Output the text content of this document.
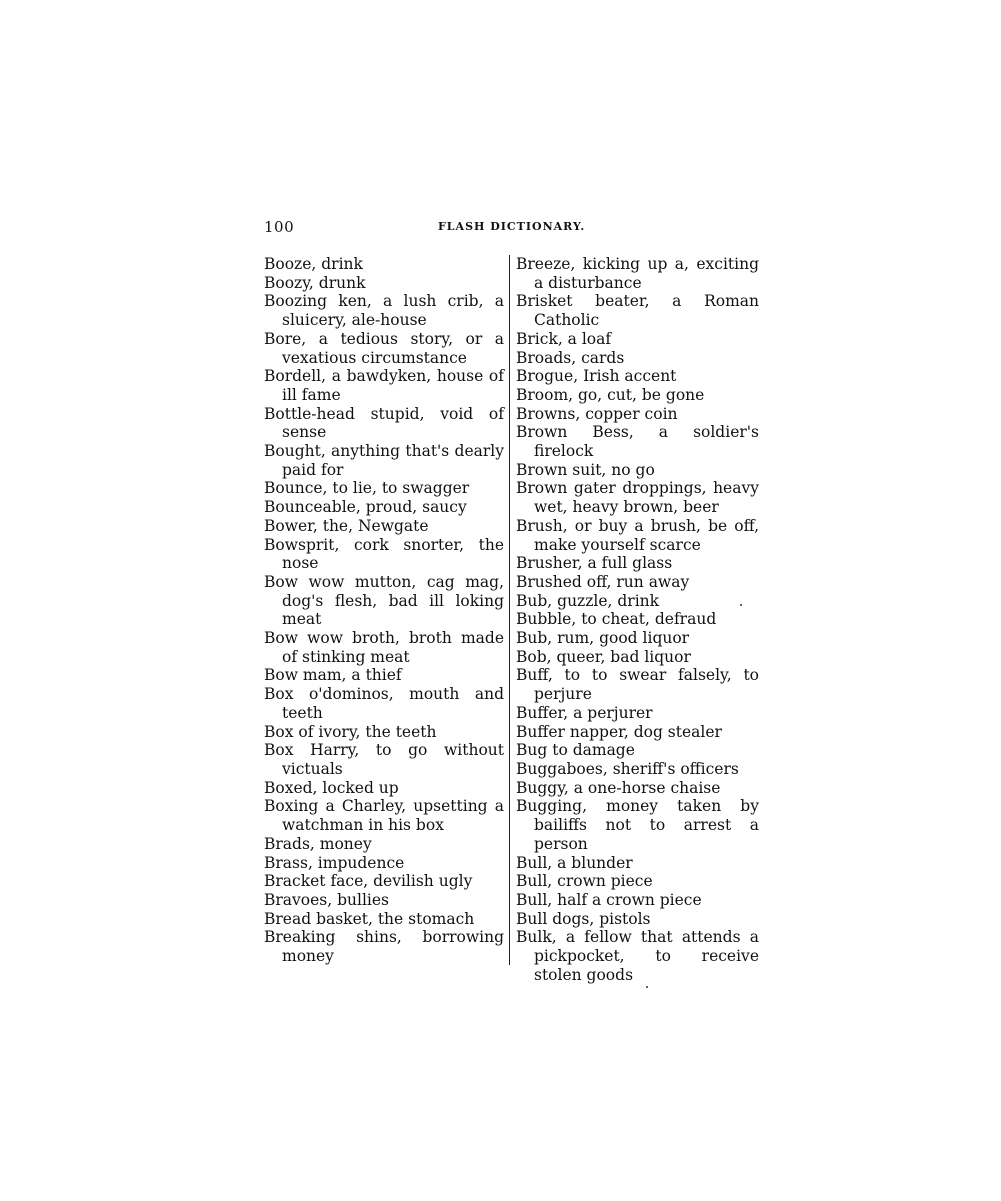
100	FLASH DICTIONARY.

Booze, drink

Boozy, drunk

Boozing ken, a lush crib, a sluicery, ale-house

Bore, a tedious story, or a vexatious circumstance

Bordell, a bawdyken, house of ill fame

Bottle-head stupid, void of sense

Bought, anything that's dearly paid for

Bounce, to lie, to swagger

Bounceable, proud, saucy

Bower, the, Newgate

Bowsprit, cork snorter, the nose

Bow wow mutton, cag mag, dog's flesh, bad ill loking meat

Bow wow broth, broth made of stinking meat

Bow mam, a thief

Box o'dominos, mouth and teeth

Box of ivory, the teeth

Box Harry, to go without victuals

Boxed, locked up

Boxing a Charley, upsetting a watchman in his box

Brads, money

Brass, impudence

Bracket face, devilish ugly

Bravoes, bullies

Bread basket, the stomach

Breaking shins, borrowing money

Breeze, kicking up a, exciting a disturbance

Brisket beater, a Roman Catholic

Brick, a loaf

Broads, cards

Brogue, Irish accent

Broom, go, cut, be gone

Browns, copper coin

Brown Bess, a soldier's firelock

Brown suit, no go

Brown gater droppings, heavy wet, heavy brown, beer

Brush, or buy a brush, be off, make yourself scarce

Brusher, a full glass

Brushed off, run away

Bub, guzzle, drink

Bubble, to cheat, defraud

Bub, rum, good liquor

Bob, queer, bad liquor

Buff, to to swear falsely, to perjure

Buffer, a perjurer

Buffer napper, dog stealer

Bug to damage

Buggaboes, sheriff's officers

Buggy, a one-horse chaise

Bugging, money taken by bailiffs not to arrest a person

Bull, a blunder

Bull, crown piece

Bull, half a crown piece

Bull dogs, pistols

Bulk, a fellow that attends a pickpocket, to receive stolen goods
